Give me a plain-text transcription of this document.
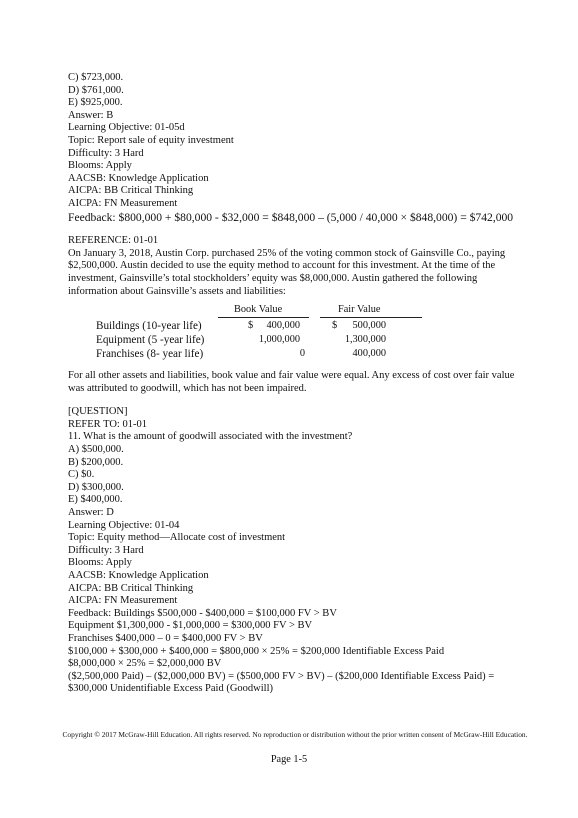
C) $723,000.
D) $761,000.
E) $925,000.
Answer: B
Learning Objective: 01-05d
Topic: Report sale of equity investment
Difficulty: 3 Hard
Blooms: Apply
AACSB: Knowledge Application
AICPA: BB Critical Thinking
AICPA: FN Measurement
Feedback: $800,000 + $80,000 - $32,000 = $848,000 – (5,000 / 40,000 × $848,000) = $742,000
REFERENCE: 01-01
On January 3, 2018, Austin Corp. purchased 25% of the voting common stock of Gainsville Co., paying $2,500,000. Austin decided to use the equity method to account for this investment. At the time of the investment, Gainsville’s total stockholders’ equity was $8,000,000. Austin gathered the following information about Gainsville’s assets and liabilities:
Book Value	Fair Value
Buildings (10-year life)	$	400,000	$	500,000
Equipment (5 -year life)	1,000,000	1,300,000
Franchises (8- year life)	0	400,000
For all other assets and liabilities, book value and fair value were equal. Any excess of cost over fair value was attributed to goodwill, which has not been impaired.
[QUESTION]
REFER TO: 01-01
11. What is the amount of goodwill associated with the investment?
A) $500,000.
B) $200,000.
C) $0.
D) $300,000.
E) $400,000.
Answer: D
Learning Objective: 01-04
Topic: Equity method—Allocate cost of investment
Difficulty: 3 Hard
Blooms: Apply
AACSB: Knowledge Application
AICPA: BB Critical Thinking
AICPA: FN Measurement
Feedback: Buildings $500,000 - $400,000 = $100,000 FV > BV
Equipment $1,300,000 - $1,000,000 = $300,000 FV > BV
Franchises $400,000 – 0 = $400,000 FV > BV
$100,000 + $300,000 + $400,000 = $800,000 × 25% = $200,000 Identifiable Excess Paid
$8,000,000 × 25% = $2,000,000 BV
($2,500,000 Paid) – ($2,000,000 BV) = ($500,000 FV > BV) – ($200,000 Identifiable Excess Paid) =
$300,000 Unidentifiable Excess Paid (Goodwill)
Copyright © 2017 McGraw-Hill Education. All rights reserved. No reproduction or distribution without the prior written consent of McGraw-Hill Education.
Page 1-5
